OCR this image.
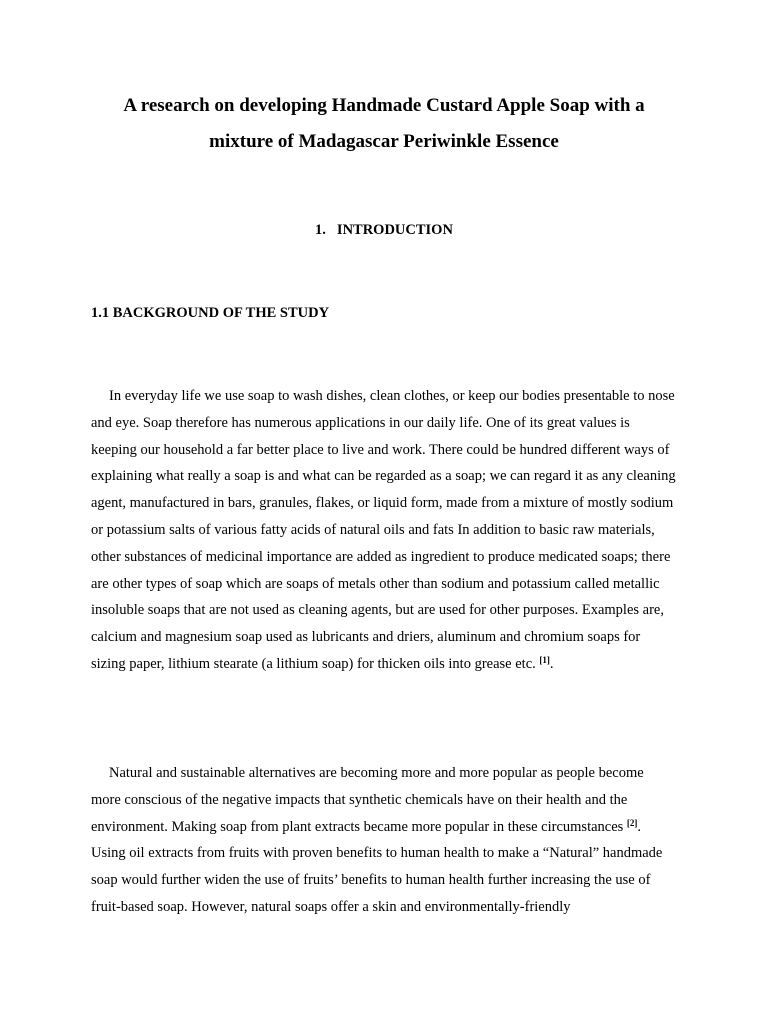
A research on developing Handmade Custard Apple Soap with a
mixture of Madagascar Periwinkle Essence
1. INTRODUCTION
1.1 BACKGROUND OF THE STUDY

In everyday life we use soap to wash dishes, clean clothes, or keep our bodies presentable to nose and eye. Soap therefore has numerous applications in our daily life. One of its great values is keeping our household a far better place to live and work. There could be hundred different ways of explaining what really a soap is and what can be regarded as a soap; we can regard it as any cleaning agent, manufactured in bars, granules, flakes, or liquid form, made from a mixture of mostly sodium or potassium salts of various fatty acids of natural oils and fats In addition to basic raw materials, other substances of medicinal importance are added as ingredient to produce medicated soaps; there are other types of soap which are soaps of metals other than sodium and potassium called metallic insoluble soaps that are not used as cleaning agents, but are used for other purposes. Examples are, calcium and magnesium soap used as lubricants and driers, aluminum and chromium soaps for sizing paper, lithium stearate (a lithium soap) for thicken oils into grease etc. [1].

Natural and sustainable alternatives are becoming more and more popular as people become more conscious of the negative impacts that synthetic chemicals have on their health and the environment. Making soap from plant extracts became more popular in these circumstances [2]. Using oil extracts from fruits with proven benefits to human health to make a “Natural” handmade soap would further widen the use of fruits’ benefits to human health further increasing the use of fruit-based soap. However, natural soaps offer a skin and environmentally-friendly
